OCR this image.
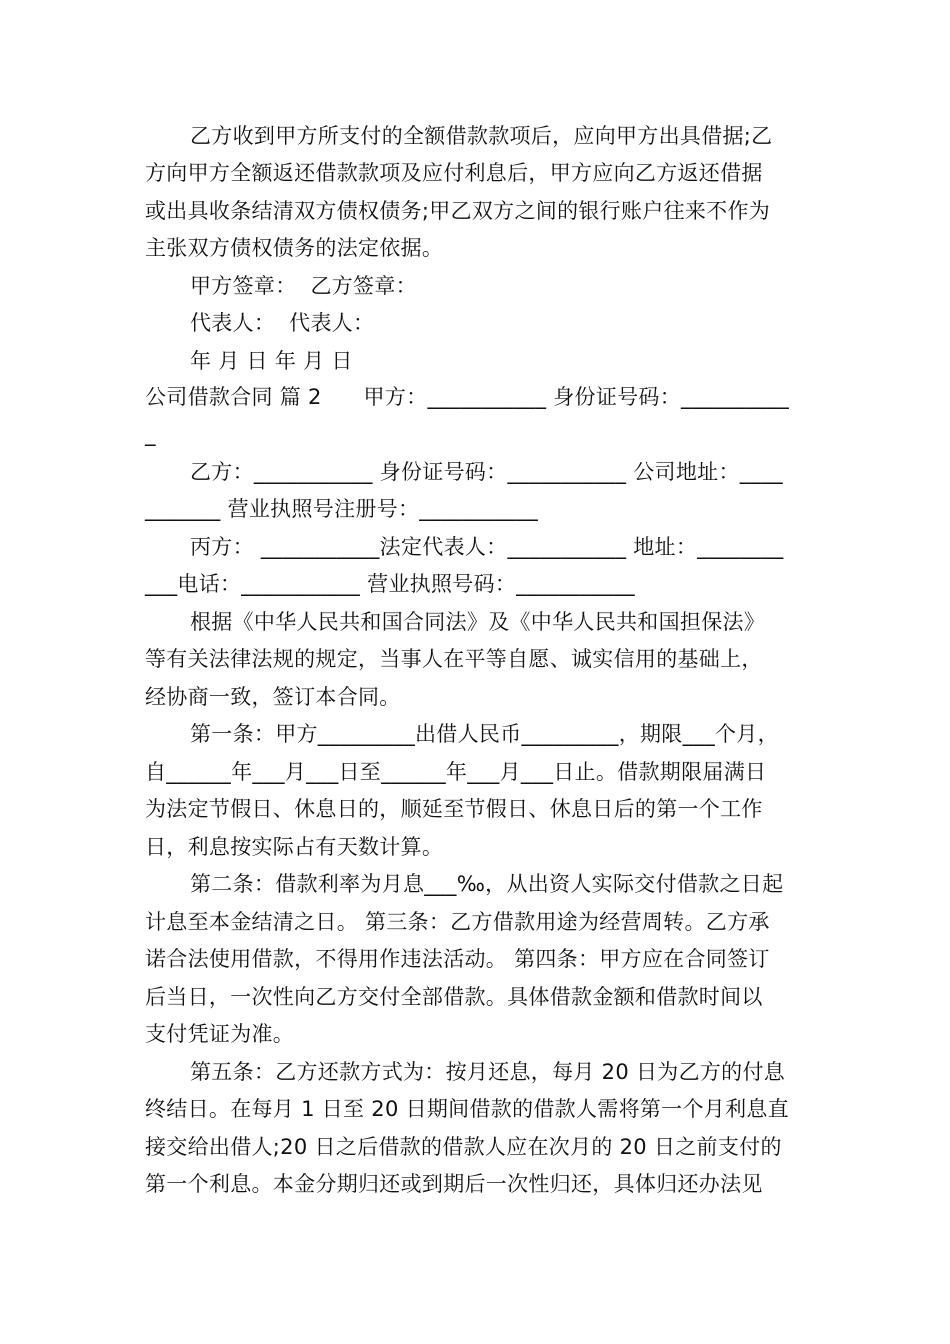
乙方收到甲方所支付的全额借款款项后，应向甲方出具借据;乙
方向甲方全额返还借款款项及应付利息后，甲方应向乙方返还借据
或出具收条结清双方债权债务;甲乙双方之间的银行账户往来不作为
主张双方债权债务的法定依据。
甲方签章：  乙方签章：
代表人：  代表人：
年 月 日 年 月 日
公司借款合同 篇 2      甲方：___________ 身份证号码：__________
_
乙方：___________ 身份证号码：___________ 公司地址：____
_______ 营业执照号注册号：___________
丙方： ___________法定代表人：___________ 地址：________
___电话：___________ 营业执照号码：___________
根据《中华人民共和国合同法》及《中华人民共和国担保法》
等有关法律法规的规定，当事人在平等自愿、诚实信用的基础上，
经协商一致，签订本合同。
第一条：甲方_________出借人民币_________，期限___个月，
自______年___月___日至______年___月___日止。借款期限届满日
为法定节假日、休息日的，顺延至节假日、休息日后的第一个工作
日，利息按实际占有天数计算。
第二条：借款利率为月息___‰，从出资人实际交付借款之日起
计息至本金结清之日。 第三条：乙方借款用途为经营周转。乙方承
诺合法使用借款，不得用作违法活动。 第四条：甲方应在合同签订
后当日，一次性向乙方交付全部借款。具体借款金额和借款时间以
支付凭证为准。
第五条：乙方还款方式为：按月还息，每月 20 日为乙方的付息
终结日。在每月 1 日至 20 日期间借款的借款人需将第一个月利息直
接交给出借人;20 日之后借款的借款人应在次月的 20 日之前支付的
第一个利息。本金分期归还或到期后一次性归还，具体归还办法见
